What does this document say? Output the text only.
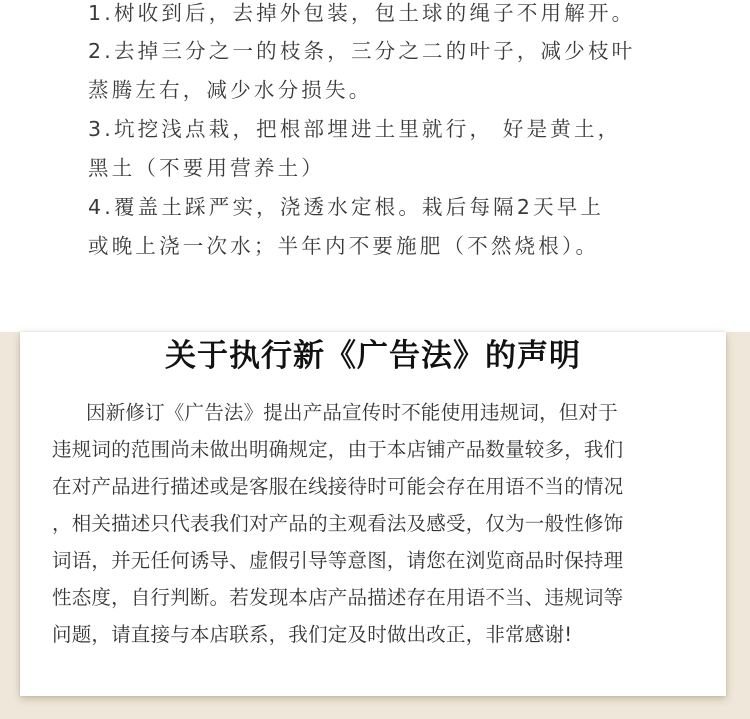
1.树收到后，去掉外包装，包土球的绳子不用解开。
2.去掉三分之一的枝条，三分之二的叶子，减少枝叶
蒸腾左右，减少水分损失。
3.坑挖浅点栽，把根部埋进土里就行， 好是黄土，
黑土（不要用营养土）
4.覆盖土踩严实，浇透水定根。栽后每隔2天早上
或晚上浇一次水；半年内不要施肥（不然烧根）。
关于执行新《广告法》的声明
因新修订《广告法》提出产品宣传时不能使用违规词，但对于
违规词的范围尚未做出明确规定，由于本店铺产品数量较多，我们
在对产品进行描述或是客服在线接待时可能会存在用语不当的情况
，相关描述只代表我们对产品的主观看法及感受，仅为一般性修饰
词语，并无任何诱导、虚假引导等意图，请您在浏览商品时保持理
性态度，自行判断。若发现本店产品描述存在用语不当、违规词等
问题，请直接与本店联系，我们定及时做出改正，非常感谢!
